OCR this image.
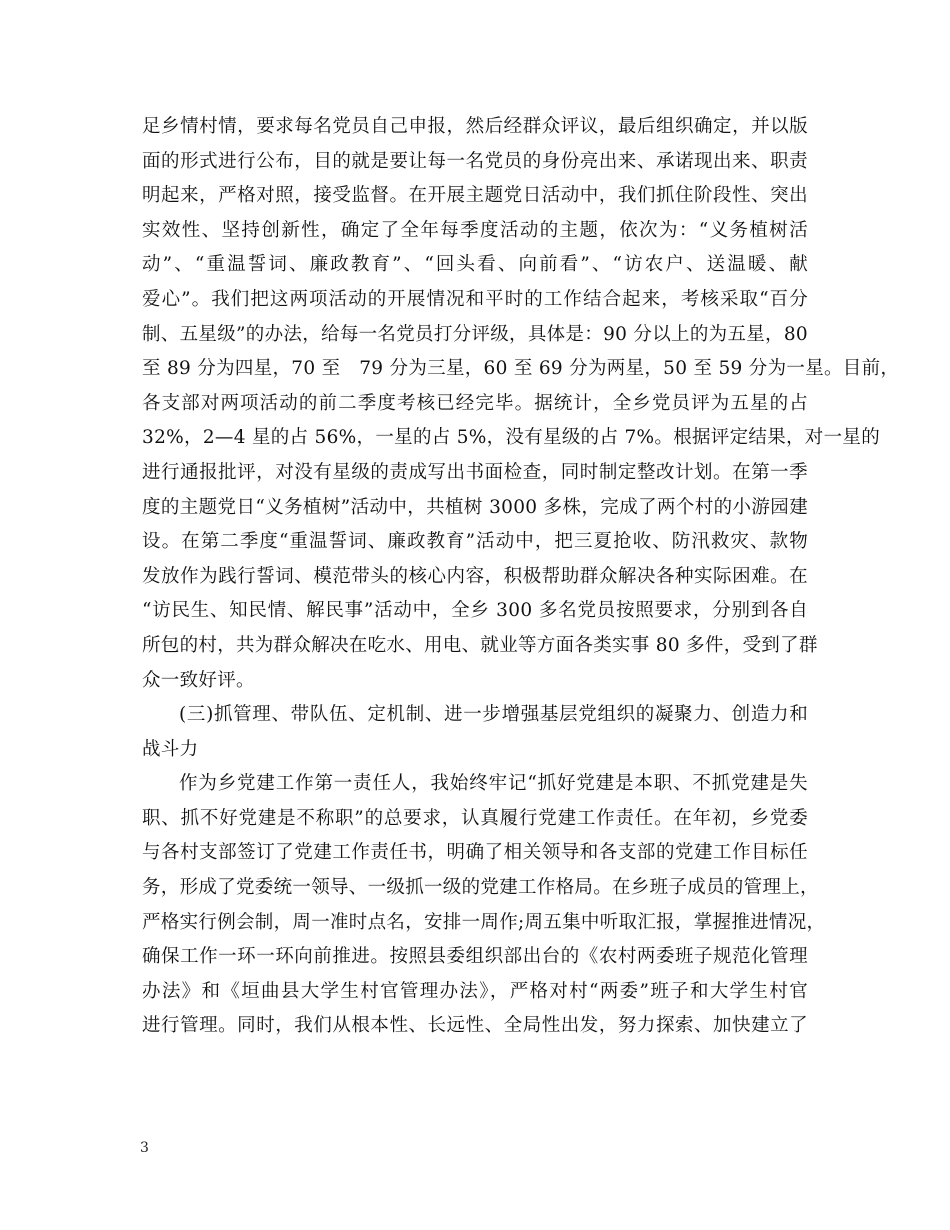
足乡情村情，要求每名党员自己申报，然后经群众评议，最后组织确定，并以版
面的形式进行公布，目的就是要让每一名党员的身份亮出来、承诺现出来、职责
明起来，严格对照，接受监督。在开展主题党日活动中，我们抓住阶段性、突出
实效性、坚持创新性，确定了全年每季度活动的主题，依次为：“义务植树活
动”、“重温誓词、廉政教育”、“回头看、向前看”、“访农户、送温暖、献
爱心”。我们把这两项活动的开展情况和平时的工作结合起来，考核采取“百分
制、五星级”的办法，给每一名党员打分评级，具体是：90 分以上的为五星，80
至 89 分为四星，70 至　79 分为三星，60 至 69 分为两星，50 至 59 分为一星。目前，
各支部对两项活动的前二季度考核已经完毕。据统计，全乡党员评为五星的占
32%，2—4 星的占 56%，一星的占 5%，没有星级的占 7%。根据评定结果，对一星的
进行通报批评，对没有星级的责成写出书面检查，同时制定整改计划。在第一季
度的主题党日“义务植树”活动中，共植树 3000 多株，完成了两个村的小游园建
设。在第二季度“重温誓词、廉政教育”活动中，把三夏抢收、防汛救灾、款物
发放作为践行誓词、模范带头的核心内容，积极帮助群众解决各种实际困难。在
“访民生、知民情、解民事”活动中，全乡 300 多名党员按照要求，分别到各自
所包的村，共为群众解决在吃水、用电、就业等方面各类实事 80 多件，受到了群
众一致好评。
(三)抓管理、带队伍、定机制、进一步增强基层党组织的凝聚力、创造力和
战斗力
作为乡党建工作第一责任人，我始终牢记“抓好党建是本职、不抓党建是失
职、抓不好党建是不称职”的总要求，认真履行党建工作责任。在年初，乡党委
与各村支部签订了党建工作责任书，明确了相关领导和各支部的党建工作目标任
务，形成了党委统一领导、一级抓一级的党建工作格局。在乡班子成员的管理上，
严格实行例会制，周一准时点名，安排一周作;周五集中听取汇报，掌握推进情况，
确保工作一环一环向前推进。按照县委组织部出台的《农村两委班子规范化管理
办法》和《垣曲县大学生村官管理办法》，严格对村“两委”班子和大学生村官
进行管理。同时，我们从根本性、长远性、全局性出发，努力探索、加快建立了
3
